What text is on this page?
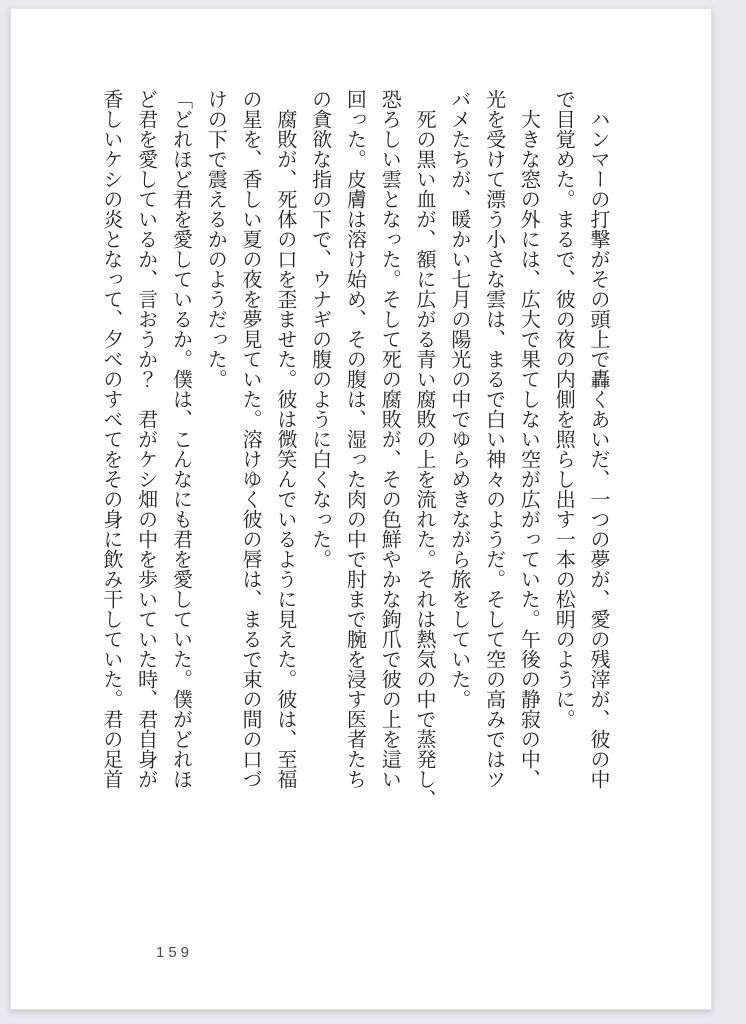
ハンマーの打撃がその頭上で轟くあいだ、一つの夢が、愛の残滓が、彼の中
で目覚めた。まるで、彼の夜の内側を照らし出す一本の松明のように。
大きな窓の外には、広大で果てしない空が広がっていた。午後の静寂の中、
光を受けて漂う小さな雲は、まるで白い神々のようだ。そして空の高みではツ
バメたちが、暖かい七月の陽光の中でゆらめきながら旅をしていた。
死の黒い血が、額に広がる青い腐敗の上を流れた。それは熱気の中で蒸発し、
恐ろしい雲となった。そして死の腐敗が、その色鮮やかな鉤爪で彼の上を這い
回った。皮膚は溶け始め、その腹は、湿った肉の中で肘まで腕を浸す医者たち
の貪欲な指の下で、ウナギの腹のように白くなった。
腐敗が、死体の口を歪ませた。彼は微笑んでいるように見えた。彼は、至福
の星を、香しい夏の夜を夢見ていた。溶けゆく彼の唇は、まるで束の間の口づ
けの下で震えるかのようだった。
「どれほど君を愛しているか。僕は、こんなにも君を愛していた。僕がどれほ
ど君を愛しているか、言おうか？　君がケシ畑の中を歩いていた時、君自身が
香しいケシの炎となって、夕べのすべてをその身に飲み干していた。君の足首
159
